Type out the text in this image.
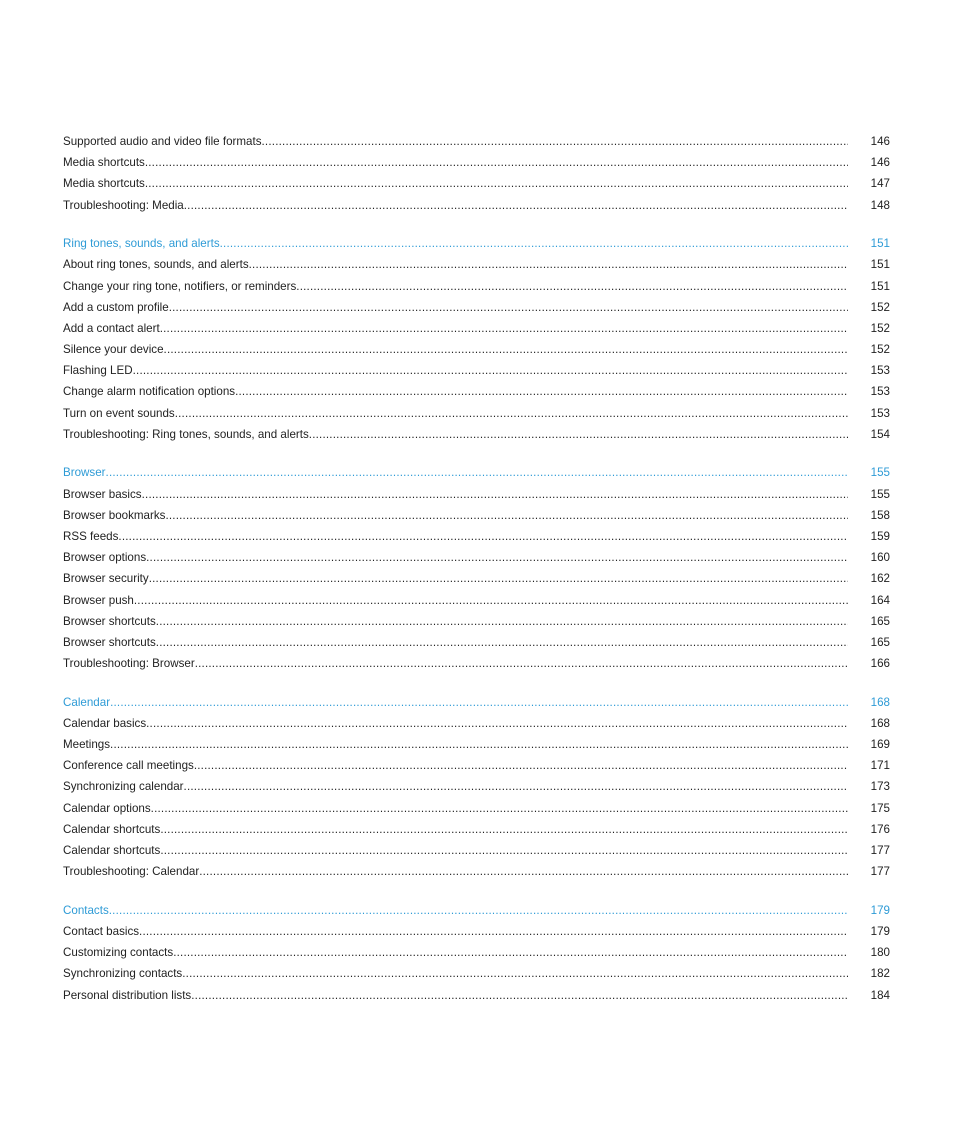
Supported audio and video file formats .....	146
Media shortcuts .....	146
Media shortcuts .....	147
Troubleshooting: Media .....	148
Ring tones, sounds, and alerts .....	151
About ring tones, sounds, and alerts .....	151
Change your ring tone, notifiers, or reminders .....	151
Add a custom profile .....	152
Add a contact alert .....	152
Silence your device .....	152
Flashing LED .....	153
Change alarm notification options .....	153
Turn on event sounds .....	153
Troubleshooting: Ring tones, sounds, and alerts .....	154
Browser .....	155
Browser basics .....	155
Browser bookmarks .....	158
RSS feeds .....	159
Browser options .....	160
Browser security .....	162
Browser push .....	164
Browser shortcuts .....	165
Browser shortcuts .....	165
Troubleshooting: Browser .....	166
Calendar .....	168
Calendar basics .....	168
Meetings .....	169
Conference call meetings .....	171
Synchronizing calendar .....	173
Calendar options .....	175
Calendar shortcuts .....	176
Calendar shortcuts .....	177
Troubleshooting: Calendar .....	177
Contacts .....	179
Contact basics .....	179
Customizing contacts .....	180
Synchronizing contacts .....	182
Personal distribution lists .....	184
